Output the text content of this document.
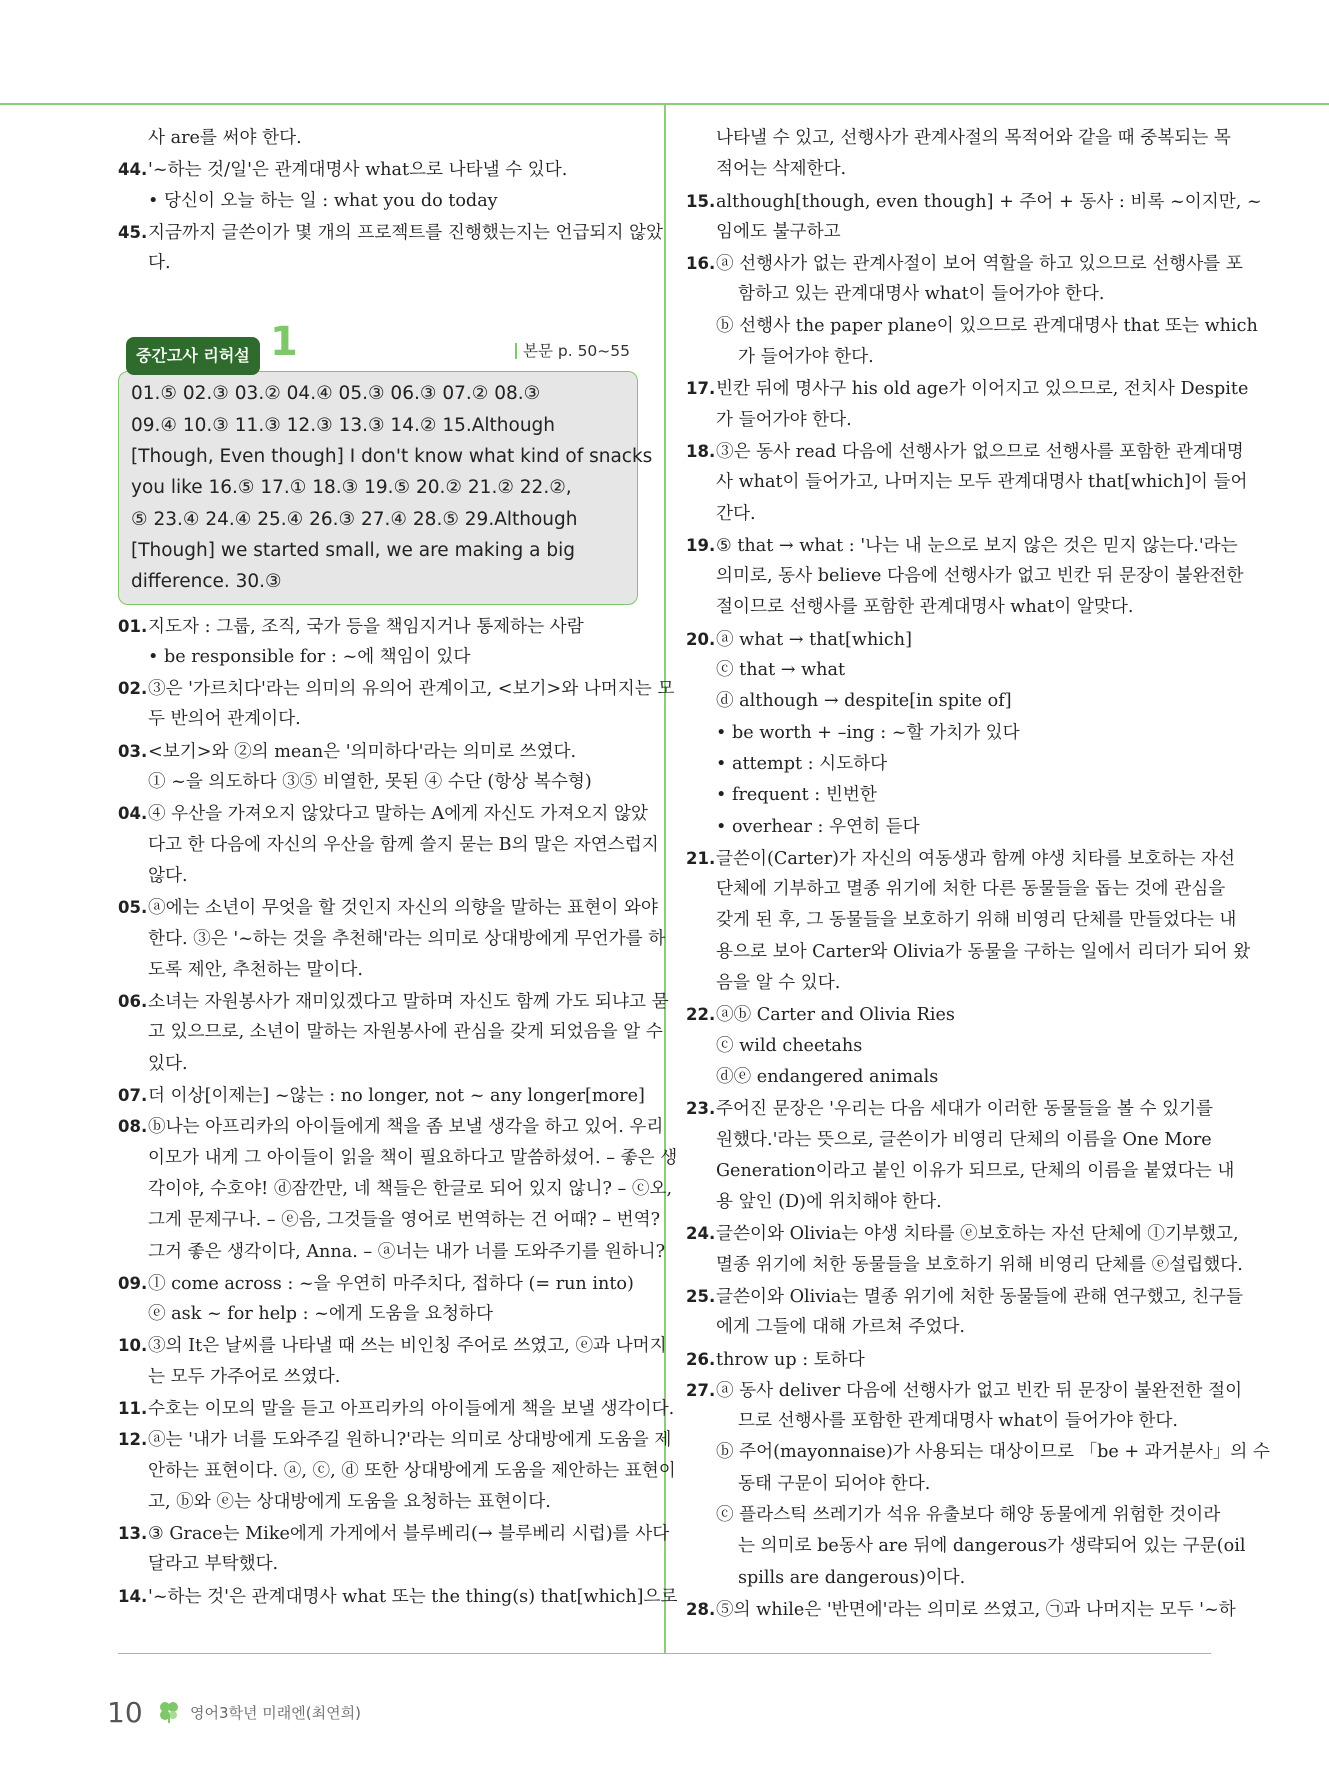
사 are를 써야 한다.
44.'~하는 것/일'은 관계대명사 what으로 나타낼 수 있다.
• 당신이 오늘 하는 일 : what you do today
45.지금까지 글쓴이가 몇 개의 프로젝트를 진행했는지는 언급되지 않았
다.
중간고사 리허설 1	본문 p. 50~55
01.⑤ 02.③ 03.② 04.④ 05.③ 06.③ 07.② 08.③
09.④ 10.③ 11.③ 12.③ 13.③ 14.② 15.Although
[Though, Even though] I don't know what kind of snacks
you like 16.⑤ 17.① 18.③ 19.⑤ 20.② 21.② 22.②,
⑤ 23.④ 24.④ 25.④ 26.③ 27.④ 28.⑤ 29.Although
[Though] we started small, we are making a big
difference. 30.③
01.지도자 : 그룹, 조직, 국가 등을 책임지거나 통제하는 사람
• be responsible for : ~에 책임이 있다
02.③은 '가르치다'라는 의미의 유의어 관계이고, <보기>와 나머지는 모
두 반의어 관계이다.
03.<보기>와 ②의 mean은 '의미하다'라는 의미로 쓰였다.
① ~을 의도하다 ③⑤ 비열한, 못된 ④ 수단 (항상 복수형)
04.④ 우산을 가져오지 않았다고 말하는 A에게 자신도 가져오지 않았
다고 한 다음에 자신의 우산을 함께 쓸지 묻는 B의 말은 자연스럽지
않다.
05.ⓐ에는 소년이 무엇을 할 것인지 자신의 의향을 말하는 표현이 와야
한다. ③은 '~하는 것을 추천해'라는 의미로 상대방에게 무언가를 하
도록 제안, 추천하는 말이다.
06.소녀는 자원봉사가 재미있겠다고 말하며 자신도 함께 가도 되냐고 묻
고 있으므로, 소년이 말하는 자원봉사에 관심을 갖게 되었음을 알 수
있다.
07.더 이상[이제는] ~않는 : no longer, not ~ any longer[more]
08.ⓑ나는 아프리카의 아이들에게 책을 좀 보낼 생각을 하고 있어. 우리
이모가 내게 그 아이들이 읽을 책이 필요하다고 말씀하셨어. – 좋은 생
각이야, 수호야! ⓓ잠깐만, 네 책들은 한글로 되어 있지 않니? – ⓒ오,
그게 문제구나. – ⓔ음, 그것들을 영어로 번역하는 건 어때? – 번역?
그거 좋은 생각이다, Anna. – ⓐ너는 내가 너를 도와주기를 원하니?
09.ⓛ come across : ~을 우연히 마주치다, 접하다 (= run into)
ⓔ ask ~ for help : ~에게 도움을 요청하다
10.③의 It은 날씨를 나타낼 때 쓰는 비인칭 주어로 쓰였고, ⓔ과 나머지
는 모두 가주어로 쓰였다.
11.수호는 이모의 말을 듣고 아프리카의 아이들에게 책을 보낼 생각이다.
12.ⓐ는 '내가 너를 도와주길 원하니?'라는 의미로 상대방에게 도움을 제
안하는 표현이다. ⓐ, ⓒ, ⓓ 또한 상대방에게 도움을 제안하는 표현이
고, ⓑ와 ⓔ는 상대방에게 도움을 요청하는 표현이다.
13.③ Grace는 Mike에게 가게에서 블루베리(→ 블루베리 시럽)를 사다
달라고 부탁했다.
14.'~하는 것'은 관계대명사 what 또는 the thing(s) that[which]으로
나타낼 수 있고, 선행사가 관계사절의 목적어와 같을 때 중복되는 목
적어는 삭제한다.
15.although[though, even though] + 주어 + 동사 : 비록 ~이지만, ~
임에도 불구하고
16.ⓐ 선행사가 없는 관계사절이 보어 역할을 하고 있으므로 선행사를 포
함하고 있는 관계대명사 what이 들어가야 한다.
ⓑ 선행사 the paper plane이 있으므로 관계대명사 that 또는 which
가 들어가야 한다.
17.빈칸 뒤에 명사구 his old age가 이어지고 있으므로, 전치사 Despite
가 들어가야 한다.
18.③은 동사 read 다음에 선행사가 없으므로 선행사를 포함한 관계대명
사 what이 들어가고, 나머지는 모두 관계대명사 that[which]이 들어
간다.
19.⑤ that → what : '나는 내 눈으로 보지 않은 것은 믿지 않는다.'라는
의미로, 동사 believe 다음에 선행사가 없고 빈칸 뒤 문장이 불완전한
절이므로 선행사를 포함한 관계대명사 what이 알맞다.
20.ⓐ what → that[which]
ⓒ that → what
ⓓ although → despite[in spite of]
• be worth + –ing : ~할 가치가 있다
• attempt : 시도하다
• frequent : 빈번한
• overhear : 우연히 듣다
21.글쓴이(Carter)가 자신의 여동생과 함께 야생 치타를 보호하는 자선
단체에 기부하고 멸종 위기에 처한 다른 동물들을 돕는 것에 관심을
갖게 된 후, 그 동물들을 보호하기 위해 비영리 단체를 만들었다는 내
용으로 보아 Carter와 Olivia가 동물을 구하는 일에서 리더가 되어 왔
음을 알 수 있다.
22.ⓐⓑ Carter and Olivia Ries
ⓒ wild cheetahs
ⓓⓔ endangered animals
23.주어진 문장은 '우리는 다음 세대가 이러한 동물들을 볼 수 있기를
원했다.'라는 뜻으로, 글쓴이가 비영리 단체의 이름을 One More
Generation이라고 붙인 이유가 되므로, 단체의 이름을 붙였다는 내
용 앞인 (D)에 위치해야 한다.
24.글쓴이와 Olivia는 야생 치타를 ⓔ보호하는 자선 단체에 ⓛ기부했고,
멸종 위기에 처한 동물들을 보호하기 위해 비영리 단체를 ⓔ설립했다.
25.글쓴이와 Olivia는 멸종 위기에 처한 동물들에 관해 연구했고, 친구들
에게 그들에 대해 가르쳐 주었다.
26.throw up : 토하다
27.ⓐ 동사 deliver 다음에 선행사가 없고 빈칸 뒤 문장이 불완전한 절이
므로 선행사를 포함한 관계대명사 what이 들어가야 한다.
ⓑ 주어(mayonnaise)가 사용되는 대상이므로 「be + 과거분사」의 수
동태 구문이 되어야 한다.
ⓒ 플라스틱 쓰레기가 석유 유출보다 해양 동물에게 위험한 것이라
는 의미로 be동사 are 뒤에 dangerous가 생략되어 있는 구문(oil
spills are dangerous)이다.
28.⑤의 while은 '반면에'라는 의미로 쓰였고, ㉠과 나머지는 모두 '~하
10	영어3학년 미래엔(최연희)
